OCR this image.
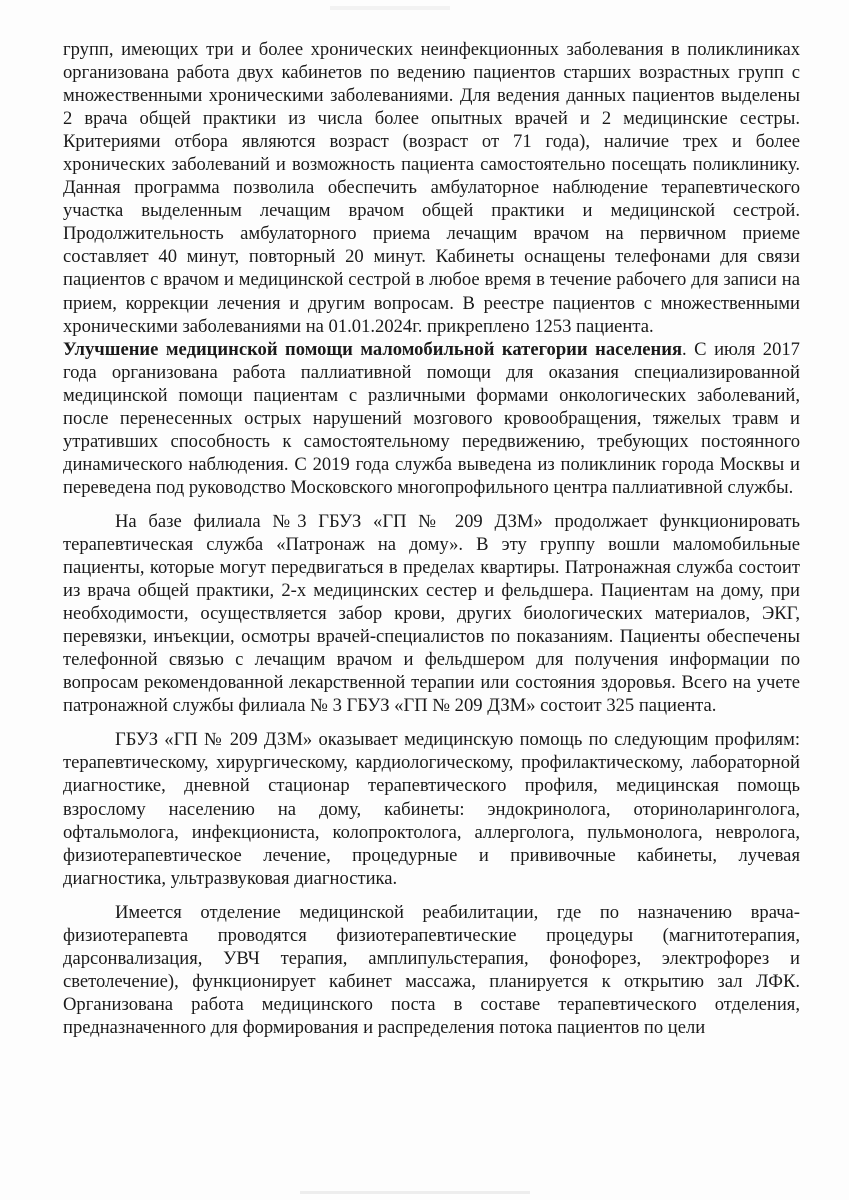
групп, имеющих три и более хронических неинфекционных заболевания в поликлиниках организована работа двух кабинетов по ведению пациентов старших возрастных групп с множественными хроническими заболеваниями. Для ведения данных пациентов выделены 2 врача общей практики из числа более опытных врачей и 2 медицинские сестры. Критериями отбора являются возраст (возраст от 71 года), наличие трех и более хронических заболеваний и возможность пациента самостоятельно посещать поликлинику. Данная программа позволила обеспечить амбулаторное наблюдение терапевтического участка выделенным лечащим врачом общей практики и медицинской сестрой. Продолжительность амбулаторного приема лечащим врачом на первичном приеме составляет 40 минут, повторный 20 минут. Кабинеты оснащены телефонами для связи пациентов с врачом и медицинской сестрой в любое время в течение рабочего для записи на прием, коррекции лечения и другим вопросам. В реестре пациентов с множественными хроническими заболеваниями на 01.01.2024г. прикреплено 1253 пациента.

Улучшение медицинской помощи маломобильной категории населения. С июля 2017 года организована работа паллиативной помощи для оказания специализированной медицинской помощи пациентам с различными формами онкологических заболеваний, после перенесенных острых нарушений мозгового кровообращения, тяжелых травм и утративших способность к самостоятельному передвижению, требующих постоянного динамического наблюдения. С 2019 года служба выведена из поликлиник города Москвы и переведена под руководство Московского многопрофильного центра паллиативной службы.

На базе филиала №3 ГБУЗ «ГП № 209 ДЗМ» продолжает функционировать терапевтическая служба «Патронаж на дому». В эту группу вошли маломобильные пациенты, которые могут передвигаться в пределах квартиры. Патронажная служба состоит из врача общей практики, 2-х медицинских сестер и фельдшера. Пациентам на дому, при необходимости, осуществляется забор крови, других биологических материалов, ЭКГ, перевязки, инъекции, осмотры врачей-специалистов по показаниям. Пациенты обеспечены телефонной связью с лечащим врачом и фельдшером для получения информации по вопросам рекомендованной лекарственной терапии или состояния здоровья. Всего на учете патронажной службы филиала № 3 ГБУЗ «ГП № 209 ДЗМ» состоит 325 пациента.

ГБУЗ «ГП № 209 ДЗМ» оказывает медицинскую помощь по следующим профилям: терапевтическому, хирургическому, кардиологическому, профилактическому, лабораторной диагностике, дневной стационар терапевтического профиля, медицинская помощь взрослому населению на дому, кабинеты: эндокринолога, оториноларинголога, офтальмолога, инфекциониста, колопроктолога, аллерголога, пульмонолога, невролога, физиотерапевтическое лечение, процедурные и прививочные кабинеты, лучевая диагностика, ультразвуковая диагностика.

Имеется отделение медицинской реабилитации, где по назначению врача-физиотерапевта проводятся физиотерапевтические процедуры (магнитотерапия, дарсонвализация, УВЧ терапия, амплипульстерапия, фонофорез, электрофорез и светолечение), функционирует кабинет массажа, планируется к открытию зал ЛФК. Организована работа медицинского поста в составе терапевтического отделения, предназначенного для формирования и распределения потока пациентов по цели
